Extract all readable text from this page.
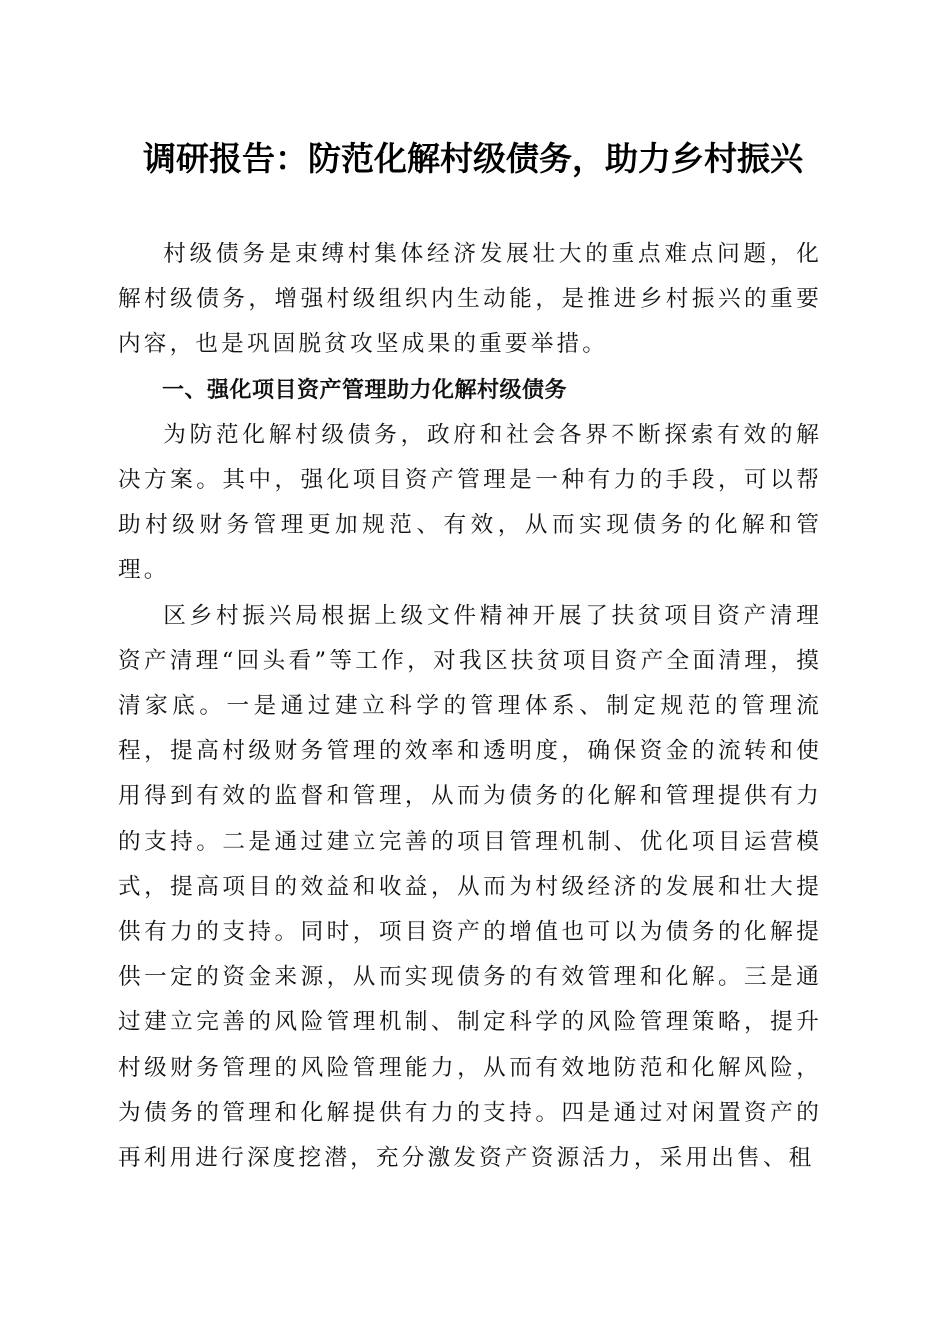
调研报告：防范化解村级债务，助力乡村振兴

村级债务是束缚村集体经济发展壮大的重点难点问题，化解村级债务，增强村级组织内生动能，是推进乡村振兴的重要内容，也是巩固脱贫攻坚成果的重要举措。

一、强化项目资产管理助力化解村级债务

为防范化解村级债务，政府和社会各界不断探索有效的解决方案。其中，强化项目资产管理是一种有力的手段，可以帮助村级财务管理更加规范、有效，从而实现债务的化解和管理。

区乡村振兴局根据上级文件精神开展了扶贫项目资产清理资产清理“回头看”等工作，对我区扶贫项目资产全面清理，摸清家底。一是通过建立科学的管理体系、制定规范的管理流程，提高村级财务管理的效率和透明度，确保资金的流转和使用得到有效的监督和管理，从而为债务的化解和管理提供有力的支持。二是通过建立完善的项目管理机制、优化项目运营模式，提高项目的效益和收益，从而为村级经济的发展和壮大提供有力的支持。同时，项目资产的增值也可以为债务的化解提供一定的资金来源，从而实现债务的有效管理和化解。三是通过建立完善的风险管理机制、制定科学的风险管理策略，提升村级财务管理的风险管理能力，从而有效地防范和化解风险，为债务的管理和化解提供有力的支持。四是通过对闲置资产的再利用进行深度挖潜，充分激发资产资源活力，采用出售、租
